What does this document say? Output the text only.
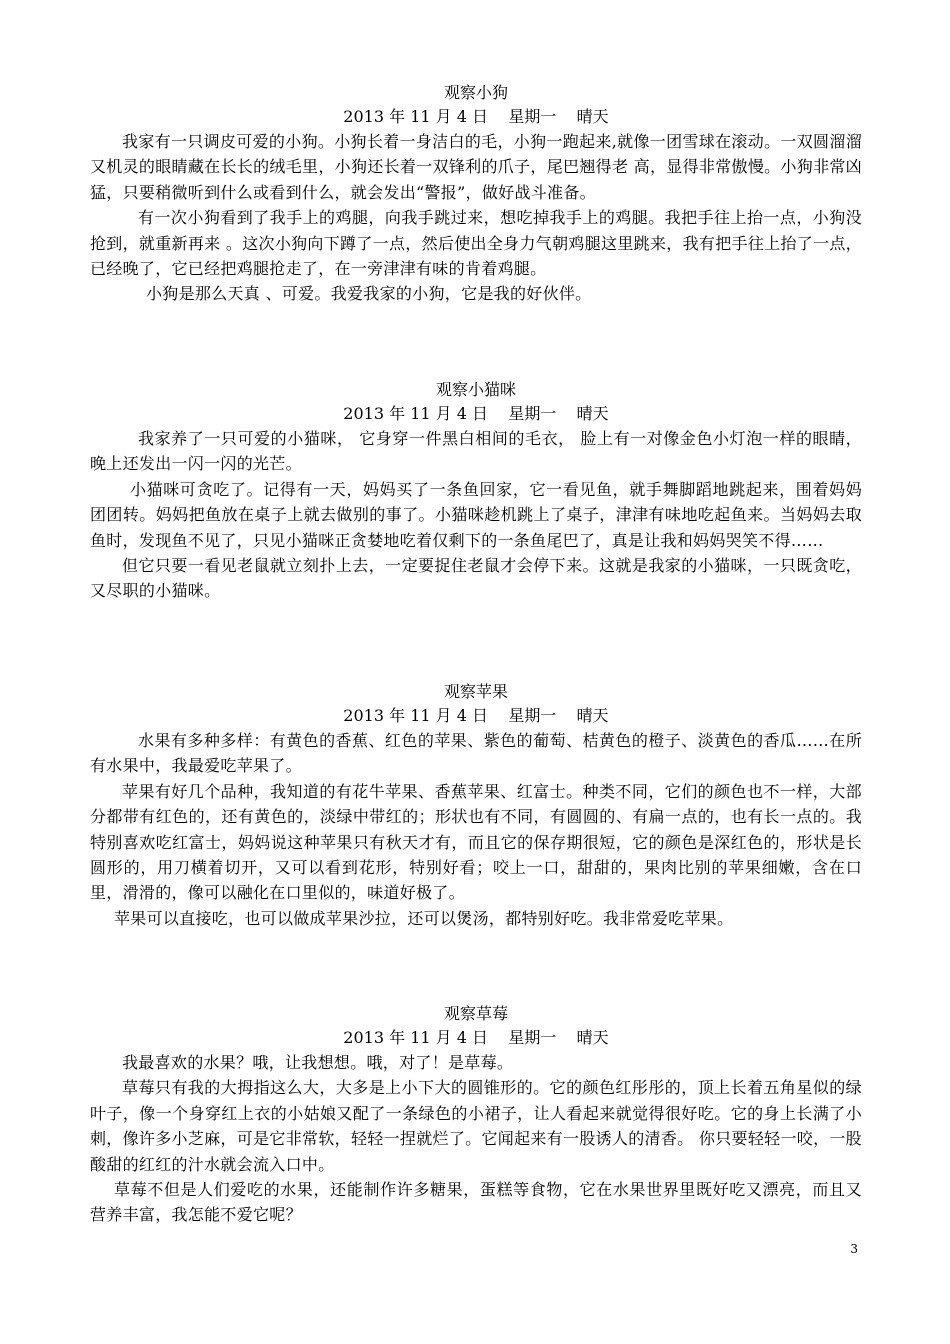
观察小狗
2013 年 11 月 4 日    星期一    晴天

我家有一只调皮可爱的小狗。小狗长着一身洁白的毛，小狗一跑起来,就像一团雪球在滚动。一双圆溜溜又机灵的眼睛藏在长长的绒毛里，小狗还长着一双锋利的爪子，尾巴翘得老 高，显得非常傲慢。小狗非常凶猛，只要稍微听到什么或看到什么，就会发出“警报”，做好战斗准备。

有一次小狗看到了我手上的鸡腿，向我手跳过来，想吃掉我手上的鸡腿。我把手往上抬一点，小狗没抢到，就重新再来 。这次小狗向下蹲了一点，然后使出全身力气朝鸡腿这里跳来，我有把手往上抬了一点，已经晚了，它已经把鸡腿抢走了，在一旁津津有味的肯着鸡腿。

小狗是那么天真 、可爱。我爱我家的小狗，它是我的好伙伴。

观察小猫咪
2013 年 11 月 4 日    星期一    晴天

我家养了一只可爱的小猫咪， 它身穿一件黑白相间的毛衣， 脸上有一对像金色小灯泡一样的眼睛，晚上还发出一闪一闪的光芒。

小猫咪可贪吃了。记得有一天，妈妈买了一条鱼回家，它一看见鱼，就手舞脚蹈地跳起来，围着妈妈团团转。妈妈把鱼放在桌子上就去做别的事了。小猫咪趁机跳上了桌子，津津有味地吃起鱼来。当妈妈去取鱼时，发现鱼不见了，只见小猫咪正贪婪地吃着仅剩下的一条鱼尾巴了，真是让我和妈妈哭笑不得……

但它只要一看见老鼠就立刻扑上去，一定要捉住老鼠才会停下来。这就是我家的小猫咪，一只既贪吃，又尽职的小猫咪。

观察苹果
2013 年 11 月 4 日    星期一    晴天

水果有多种多样：有黄色的香蕉、红色的苹果、紫色的葡萄、桔黄色的橙子、淡黄色的香瓜……在所有水果中，我最爱吃苹果了。

苹果有好几个品种，我知道的有花牛苹果、香蕉苹果、红富士。种类不同，它们的颜色也不一样，大部分都带有红色的，还有黄色的，淡绿中带红的；形状也有不同，有圆圆的、有扁一点的，也有长一点的。我特别喜欢吃红富士，妈妈说这种苹果只有秋天才有，而且它的保存期很短，它的颜色是深红色的，形状是长圆形的，用刀横着切开，又可以看到花形，特别好看；咬上一口，甜甜的，果肉比别的苹果细嫩，含在口里，滑滑的，像可以融化在口里似的，味道好极了。

苹果可以直接吃，也可以做成苹果沙拉，还可以煲汤，都特别好吃。我非常爱吃苹果。

观察草莓
2013 年 11 月 4 日    星期一    晴天

我最喜欢的水果？哦，让我想想。哦，对了！是草莓。

草莓只有我的大拇指这么大，大多是上小下大的圆锥形的。它的颜色红彤彤的，顶上长着五角星似的绿叶子，像一个身穿红上衣的小姑娘又配了一条绿色的小裙子，让人看起来就觉得很好吃。它的身上长满了小刺，像许多小芝麻，可是它非常软，轻轻一捏就烂了。它闻起来有一股诱人的清香。 你只要轻轻一咬，一股酸甜的红红的汁水就会流入口中。

草莓不但是人们爱吃的水果，还能制作许多糖果，蛋糕等食物，它在水果世界里既好吃又漂亮，而且又营养丰富，我怎能不爱它呢？

3
